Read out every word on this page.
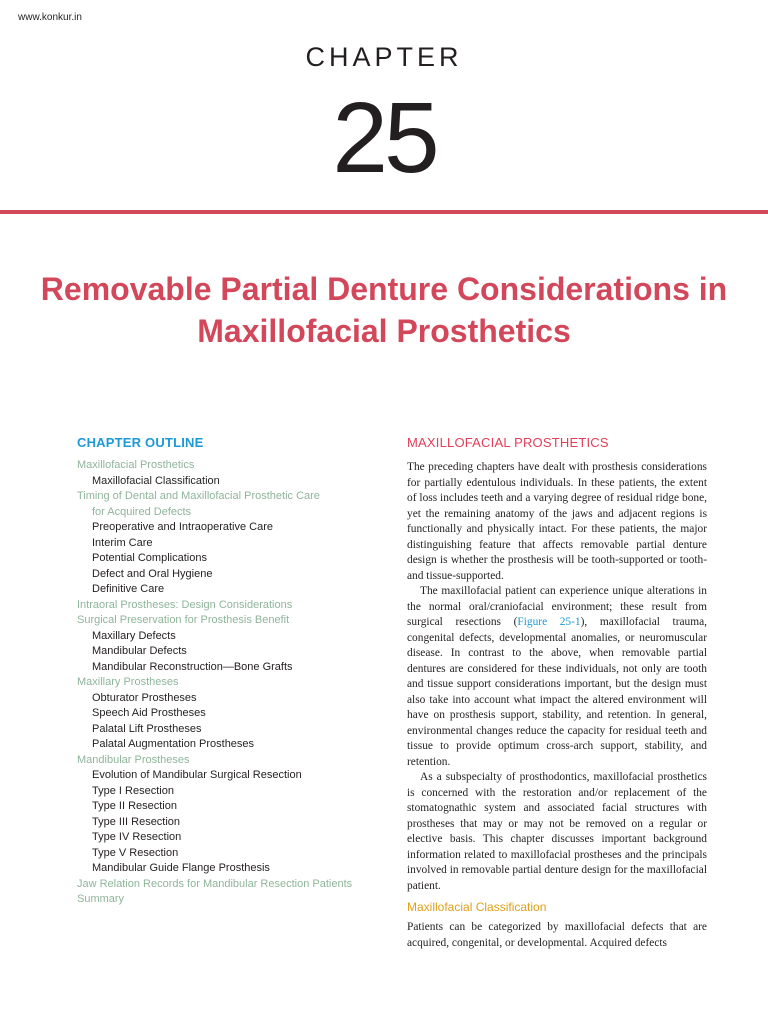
www.konkur.in
CHAPTER
25
Removable Partial Denture Considerations in Maxillofacial Prosthetics
CHAPTER OUTLINE
Maxillofacial Prosthetics
Maxillofacial Classification
Timing of Dental and Maxillofacial Prosthetic Care
for Acquired Defects
Preoperative and Intraoperative Care
Interim Care
Potential Complications
Defect and Oral Hygiene
Definitive Care
Intraoral Prostheses: Design Considerations
Surgical Preservation for Prosthesis Benefit
Maxillary Defects
Mandibular Defects
Mandibular Reconstruction—Bone Grafts
Maxillary Prostheses
Obturator Prostheses
Speech Aid Prostheses
Palatal Lift Prostheses
Palatal Augmentation Prostheses
Mandibular Prostheses
Evolution of Mandibular Surgical Resection
Type I Resection
Type II Resection
Type III Resection
Type IV Resection
Type V Resection
Mandibular Guide Flange Prosthesis
Jaw Relation Records for Mandibular Resection Patients
Summary
MAXILLOFACIAL PROSTHETICS

The preceding chapters have dealt with prosthesis considerations for partially edentulous individuals. In these patients, the extent of loss includes teeth and a varying degree of residual ridge bone, yet the remaining anatomy of the jaws and adjacent regions is functionally and physically intact. For these patients, the major distinguishing feature that affects removable partial denture design is whether the prosthesis will be tooth-supported or tooth- and tissue-supported.

The maxillofacial patient can experience unique alterations in the normal oral/craniofacial environment; these result from surgical resections (Figure 25-1), maxillofacial trauma, congenital defects, developmental anomalies, or neuromuscular disease. In contrast to the above, when removable partial dentures are considered for these individuals, not only are tooth and tissue support considerations important, but the design must also take into account what impact the altered environment will have on prosthesis support, stability, and retention. In general, environmental changes reduce the capacity for residual teeth and tissue to provide optimum cross-arch support, stability, and retention.

As a subspecialty of prosthodontics, maxillofacial prosthetics is concerned with the restoration and/or replacement of the stomatognathic system and associated facial structures with prostheses that may or may not be removed on a regular or elective basis. This chapter discusses important background information related to maxillofacial prostheses and the principals involved in removable partial denture design for the maxillofacial patient.

Maxillofacial Classification

Patients can be categorized by maxillofacial defects that are acquired, congenital, or developmental. Acquired defects
